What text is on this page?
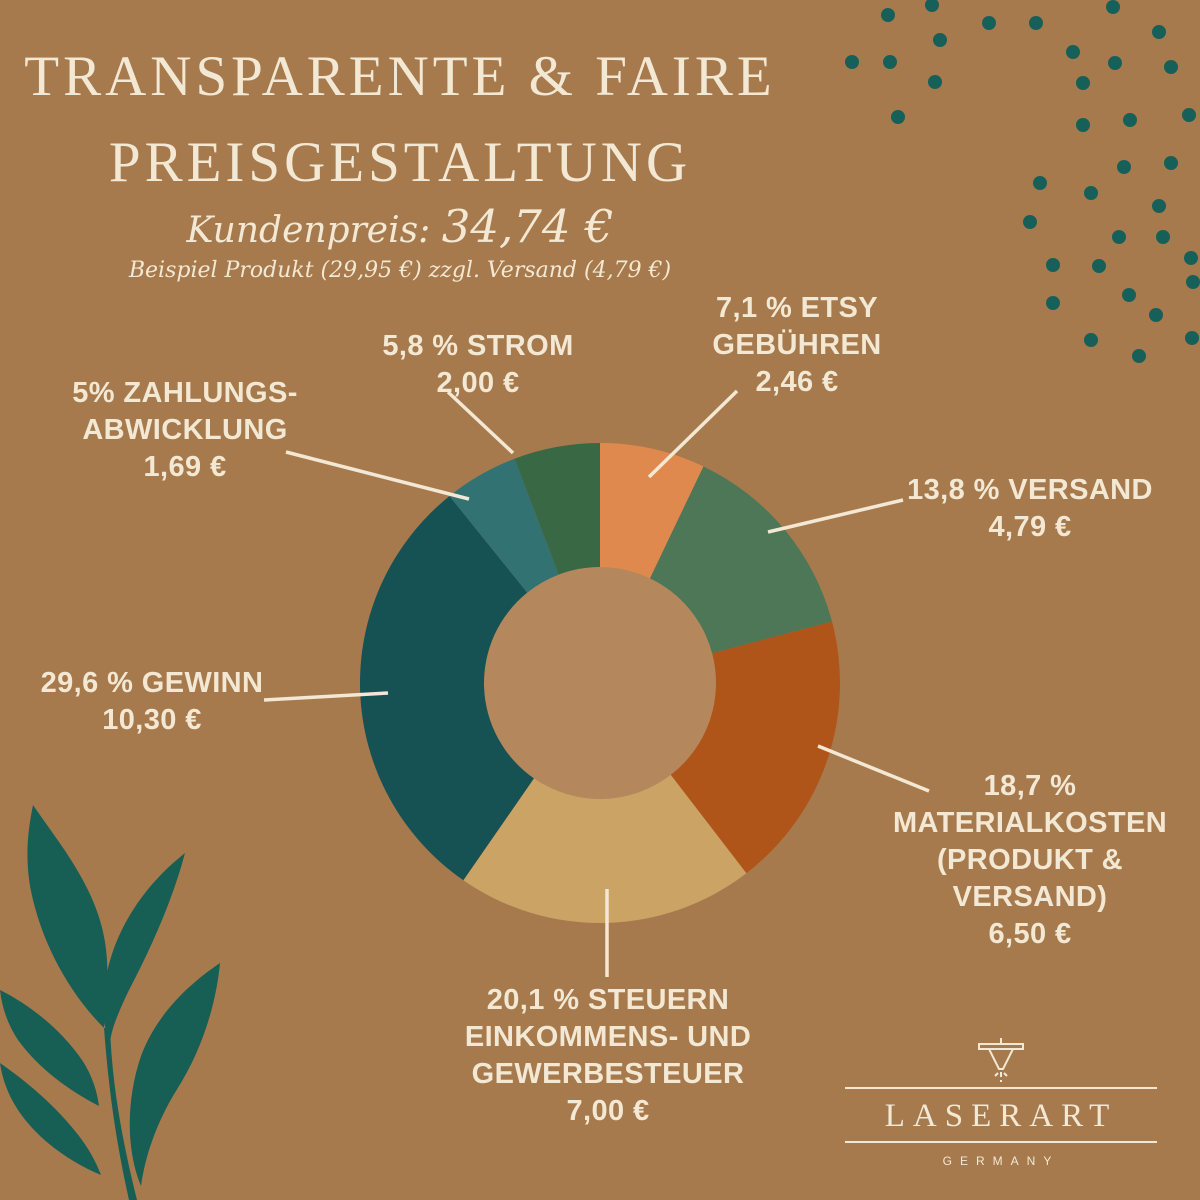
TRANSPARENTE & FAIRE
PREISGESTALTUNG
Kundenpreis: 34,74 €
Beispiel Produkt (29,95 €) zzgl. Versand (4,79 €)
7,1 % ETSY
GEBÜHREN
2,46 €
13,8 % VERSAND
4,79 €
18,7 %
MATERIALKOSTEN
(PRODUKT &
VERSAND)
6,50 €
20,1 % STEUERN
EINKOMMENS- UND
GEWERBESTEUER
7,00 €
29,6 % GEWINN
10,30 €
5% ZAHLUNGS-
ABWICKLUNG
1,69 €
5,8 % STROM
2,00 €
LASERART
GERMANY
